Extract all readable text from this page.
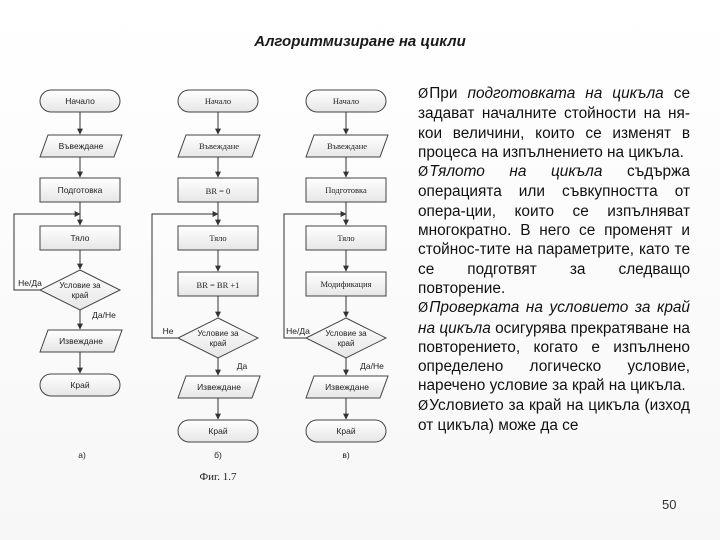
Алгоритмизиране на цикли
Начало
Въвеждане
Подготовка
Тяло
Условие за край
Извеждане
Край
Не/Да
Да/Не
а)
Начало
Въвеждане
BR = 0
Тяло
BR = BR +1
Условие за край
Извеждане
Край
Не
Да
б)
Фиг. 1.7
Начало
Въвеждане
Подготовка
Тяло
Модификация
Условие за край
Извеждане
Край
Не/Да
Да/Не
в)
ØПри подготовката на цикъла се задават началните стойности на ня-кои величини, които се изменят в процеса на изпълнението на цикъла.
ØТялото на цикъла съдържа операцията или съвкупността от опера-ции, които се изпълняват многократно. В него се променят и стойнос-тите на параметрите, като те се подготвят за следващо повторение.
ØПроверката на условието за край на цикъла осигурява прекратяване на повторението, когато е изпълнено определено логическо условие, наречено условие за край на цикъла.
ØУсловието за край на цикъла (изход от цикъла) може да се
50
